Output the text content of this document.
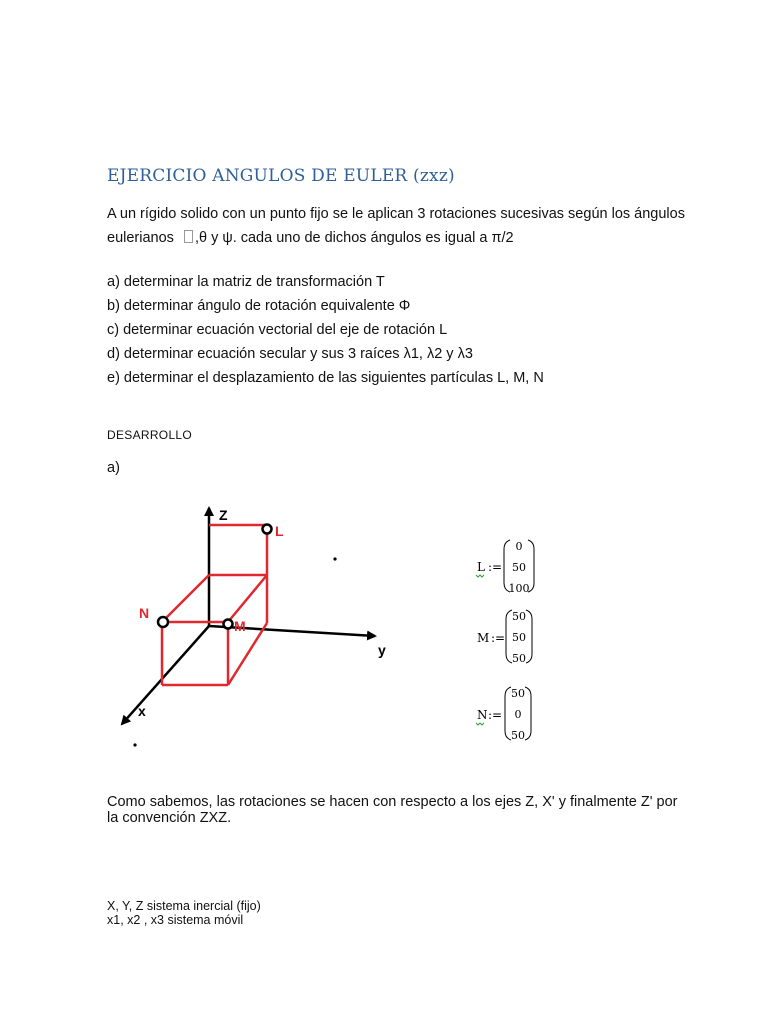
EJERCICIO ANGULOS DE EULER (zxz)
A un rígido solido con un punto fijo se le aplican 3 rotaciones sucesivas según los ángulos
eulerianos ,θ y ψ. cada uno de dichos ángulos es igual a π/2
a) determinar la matriz de transformación T
b) determinar ángulo de rotación equivalente Φ
c) determinar ecuación vectorial del eje de rotación L
d) determinar ecuación secular y sus 3 raíces λ1, λ2 y λ3
e) determinar el desplazamiento de las siguientes partículas L, M, N
DESARROLLO
a)
Z
y
x
L
N
M
L :=
0
50
100
M :=
50
50
50
N :=
50
0
50
Como sabemos, las rotaciones se hacen con respecto a los ejes Z, X' y finalmente Z' por
la convención ZXZ.
X, Y, Z sistema inercial (fijo)
x1, x2 , x3 sistema móvil
